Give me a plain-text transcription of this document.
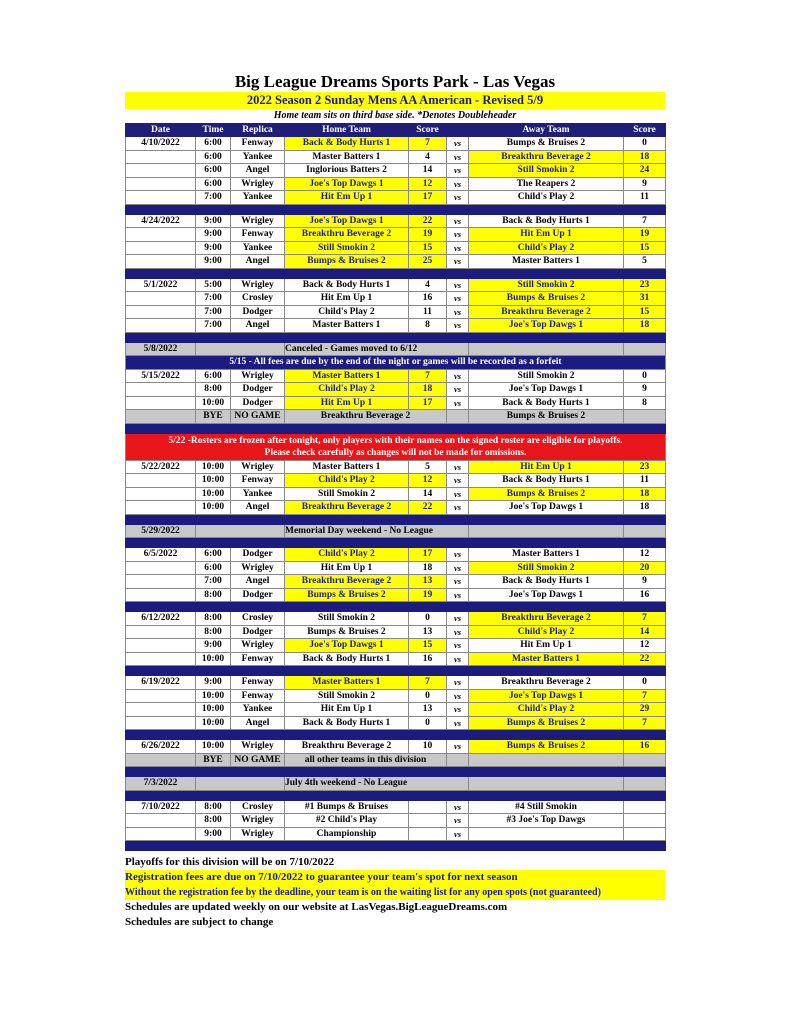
Big League Dreams Sports Park - Las Vegas
2022 Season 2 Sunday Mens AA American - Revised 5/9
Home team sits on third base side. *Denotes Doubleheader
Date	Time	Replica	Home Team	Score		Away Team	Score
4/10/2022	6:00	Fenway	Back & Body Hurts 1	7	vs	Bumps & Bruises 2	0
	6:00	Yankee	Master Batters 1	4	vs	Breakthru Beverage 2	18
	6:00	Angel	Inglorious Batters 2	14	vs	Still Smokin 2	24
	6:00	Wrigley	Joe's Top Dawgs 1	12	vs	The Reapers 2	9
	7:00	Yankee	Hit Em Up 1	17	vs	Child's Play 2	11

4/24/2022	9:00	Wrigley	Joe's Top Dawgs 1	22	vs	Back & Body Hurts 1	7
	9:00	Fenway	Breakthru Beverage 2	19	vs	Hit Em Up 1	19
	9:00	Yankee	Still Smokin 2	15	vs	Child's Play 2	15
	9:00	Angel	Bumps & Bruises 2	25	vs	Master Batters 1	5

5/1/2022	5:00	Wrigley	Back & Body Hurts 1	4	vs	Still Smokin 2	23
	7:00	Crosley	Hit Em Up 1	16	vs	Bumps & Bruises 2	31
	7:00	Dodger	Child's Play 2	11	vs	Breakthru Beverage 2	15
	7:00	Angel	Master Batters 1	8	vs	Joe's Top Dawgs 1	18

5/8/2022			Canceled - Games moved to 6/12				
5/15 - All fees are due by the end of the night or games will be recorded as a forfeit							
5/15/2022	6:00	Wrigley	Master Batters 1	7	vs	Still Smokin 2	0
	8:00	Dodger	Child's Play 2	18	vs	Joe's Top Dawgs 1	9
	10:00	Dodger	Hit Em Up 1	17	vs	Back & Body Hurts 1	8
	BYE	NO GAME	Breakthru Beverage 2			Bumps & Bruises 2	

5/22 -Rosters are frozen after tonight, only players with their names on the signed roster are eligible for playoffs.
Please check carefully as changes will not be made for omissions.							

5/22/2022	10:00	Wrigley	Master Batters 1	5	vs	Hit Em Up 1	23
	10:00	Fenway	Child's Play 2	12	vs	Back & Body Hurts 1	11
	10:00	Yankee	Still Smokin 2	14	vs	Bumps & Bruises 2	18
	10:00	Angel	Breakthru Beverage 2	22	vs	Joe's Top Dawgs 1	18

5/29/2022			Memorial Day weekend - No League				

6/5/2022	6:00	Dodger	Child's Play 2	17	vs	Master Batters 1	12
	6:00	Wrigley	Hit Em Up 1	18	vs	Still Smokin 2	20
	7:00	Angel	Breakthru Beverage 2	13	vs	Back & Body Hurts 1	9
	8:00	Dodger	Bumps & Bruises 2	19	vs	Joe's Top Dawgs 1	16

6/12/2022	8:00	Crosley	Still Smokin 2	0	vs	Breakthru Beverage 2	7
	8:00	Dodger	Bumps & Bruises 2	13	vs	Child's Play 2	14
	9:00	Wrigley	Joe's Top Dawgs 1	15	vs	Hit Em Up 1	12
	10:00	Fenway	Back & Body Hurts 1	16	vs	Master Batters 1	22

6/19/2022	9:00	Fenway	Master Batters 1	7	vs	Breakthru Beverage 2	0
	10:00	Fenway	Still Smokin 2	0	vs	Joe's Top Dawgs 1	7
	10:00	Yankee	Hit Em Up 1	13	vs	Child's Play 2	29
	10:00	Angel	Back & Body Hurts 1	0	vs	Bumps & Bruises 2	7

6/26/2022	10:00	Wrigley	Breakthru Beverage 2	10	vs	Bumps & Bruises 2	16
	BYE	NO GAME	all other teams in this division				

7/3/2022			July 4th weekend - No League				

7/10/2022	8:00	Crosley	#1 Bumps & Bruises		vs	#4 Still Smokin	
	8:00	Wrigley	#2 Child's Play		vs	#3 Joe's Top Dawgs	
	9:00	Wrigley	Championship		vs		

Playoffs for this division will be on 7/10/2022
Registration fees are due on 7/10/2022 to guarantee your team's spot for next season
Without the registration fee by the deadline, your team is on the waiting list for any open spots (not guaranteed)
Schedules are updated weekly on our website at LasVegas.BigLeagueDreams.com
Schedules are subject to change
